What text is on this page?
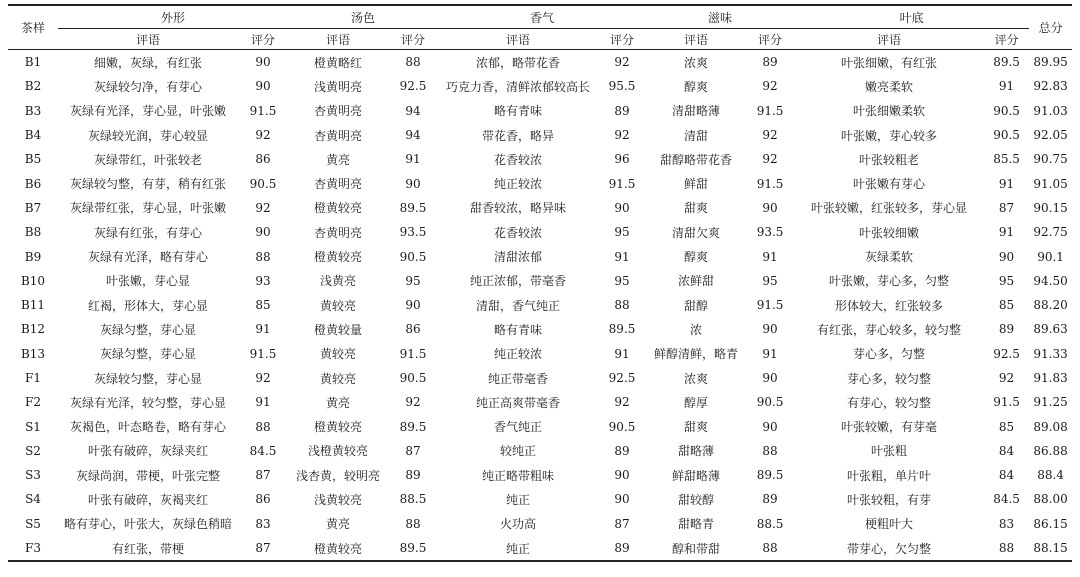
茶样	外形		汤色		香气		滋味		叶底		总分
	评语	评分	评语	评分	评语	评分	评语	评分	评语	评分	
B1	细嫩，灰绿，有红张	90	橙黄略红	88	浓郁，略带花香	92	浓爽	89	叶张细嫩，有红张	89.5	89.95
B2	灰绿较匀净，有芽心	90	浅黄明亮	92.5	巧克力香，清鲜浓郁较高长	95.5	醇爽	92	嫩亮柔软	91	92.83
B3	灰绿有光泽，芽心显，叶张嫩	91.5	杏黄明亮	94	略有青味	89	清甜略薄	91.5	叶张细嫩柔软	90.5	91.03
B4	灰绿较光润，芽心较显	92	杏黄明亮	94	带花香，略异	92	清甜	92	叶张嫩，芽心较多	90.5	92.05
B5	灰绿带红，叶张较老	86	黄亮	91	花香较浓	96	甜醇略带花香	92	叶张较粗老	85.5	90.75
B6	灰绿较匀整，有芽，稍有红张	90.5	杏黄明亮	90	纯正较浓	91.5	鲜甜	91.5	叶张嫩有芽心	91	91.05
B7	灰绿带红张，芽心显，叶张嫩	92	橙黄较亮	89.5	甜香较浓，略异味	90	甜爽	90	叶张较嫩，红张较多，芽心显	87	90.15
B8	灰绿有红张，有芽心	90	杏黄明亮	93.5	花香较浓	95	清甜欠爽	93.5	叶张较细嫩	91	92.75
B9	灰绿有光泽，略有芽心	88	橙黄较亮	90.5	清甜浓郁	91	醇爽	91	灰绿柔软	90	90.1
B10	叶张嫩，芽心显	93	浅黄亮	95	纯正浓郁，带毫香	95	浓鲜甜	95	叶张嫩，芽心多，匀整	95	94.50
B11	红褐，形体大，芽心显	85	黄较亮	90	清甜，香气纯正	88	甜醇	91.5	形体较大，红张较多	85	88.20
B12	灰绿匀整，芽心显	91	橙黄较量	86	略有青味	89.5	浓	90	有红张，芽心较多，较匀整	89	89.63
B13	灰绿匀整，芽心显	91.5	黄较亮	91.5	纯正较浓	91	鲜醇清鲜，略青	91	芽心多，匀整	92.5	91.33
F1	灰绿较匀整，芽心显	92	黄较亮	90.5	纯正带毫香	92.5	浓爽	90	芽心多，较匀整	92	91.83
F2	灰绿有光泽，较匀整，芽心显	91	黄亮	92	纯正高爽带毫香	92	醇厚	90.5	有芽心，较匀整	91.5	91.25
S1	灰褐色，叶态略卷，略有芽心	88	橙黄较亮	89.5	香气纯正	90.5	甜爽	90	叶张较嫩，有芽毫	85	89.08
S2	叶张有破碎，灰绿夹红	84.5	浅橙黄较亮	87	较纯正	89	甜略薄	88	叶张粗	84	86.88
S3	灰绿尚润，带梗，叶张完整	87	浅杏黄，较明亮	89	纯正略带粗味	90	鲜甜略薄	89.5	叶张粗，单片叶	84	88.4
S4	叶张有破碎，灰褐夹红	86	浅黄较亮	88.5	纯正	90	甜较醇	89	叶张较粗，有芽	84.5	88.00
S5	略有芽心，叶张大，灰绿色稍暗	83	黄亮	88	火功高	87	甜略青	88.5	梗粗叶大	83	86.15
F3	有红张，带梗	87	橙黄较亮	89.5	纯正	89	醇和带甜	88	带芽心，欠匀整	88	88.15
